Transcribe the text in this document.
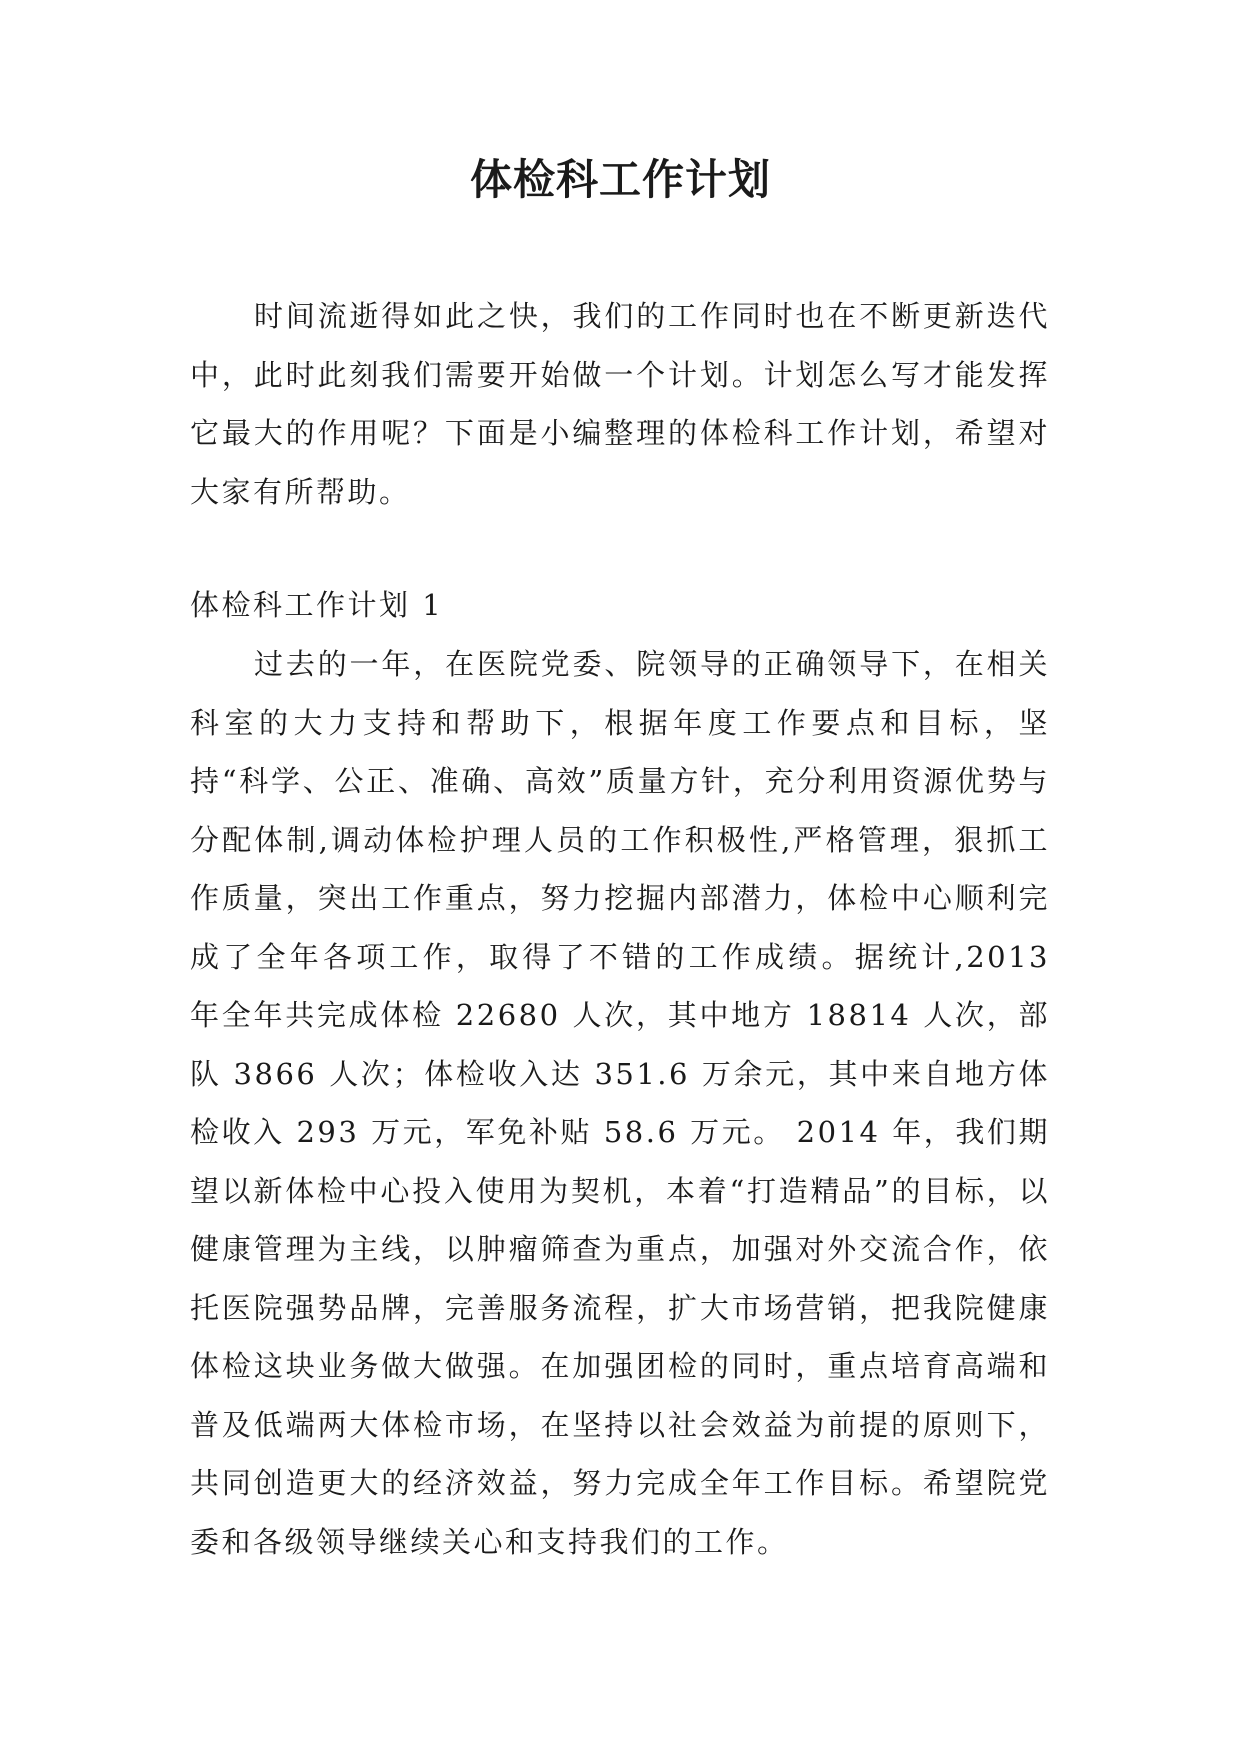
体检科工作计划

时间流逝得如此之快，我们的工作同时也在不断更新迭代中，此时此刻我们需要开始做一个计划。计划怎么写才能发挥它最大的作用呢？下面是小编整理的体检科工作计划，希望对大家有所帮助。

体检科工作计划 1

过去的一年，在医院党委、院领导的正确领导下，在相关科室的大力支持和帮助下，根据年度工作要点和目标，坚持“科学、公正、准确、高效”质量方针，充分利用资源优势与分配体制,调动体检护理人员的工作积极性,严格管理，狠抓工作质量，突出工作重点，努力挖掘内部潜力，体检中心顺利完成了全年各项工作，取得了不错的工作成绩。据统计,2013 年全年共完成体检 22680 人次，其中地方 18814 人次，部队 3866 人次；体检收入达 351.6 万余元，其中来自地方体检收入 293 万元，军免补贴 58.6 万元。 2014 年，我们期望以新体检中心投入使用为契机，本着“打造精品”的目标，以健康管理为主线，以肿瘤筛查为重点，加强对外交流合作，依托医院强势品牌，完善服务流程，扩大市场营销，把我院健康体检这块业务做大做强。在加强团检的同时，重点培育高端和普及低端两大体检市场，在坚持以社会效益为前提的原则下，共同创造更大的经济效益，努力完成全年工作目标。希望院党委和各级领导继续关心和支持我们的工作。
